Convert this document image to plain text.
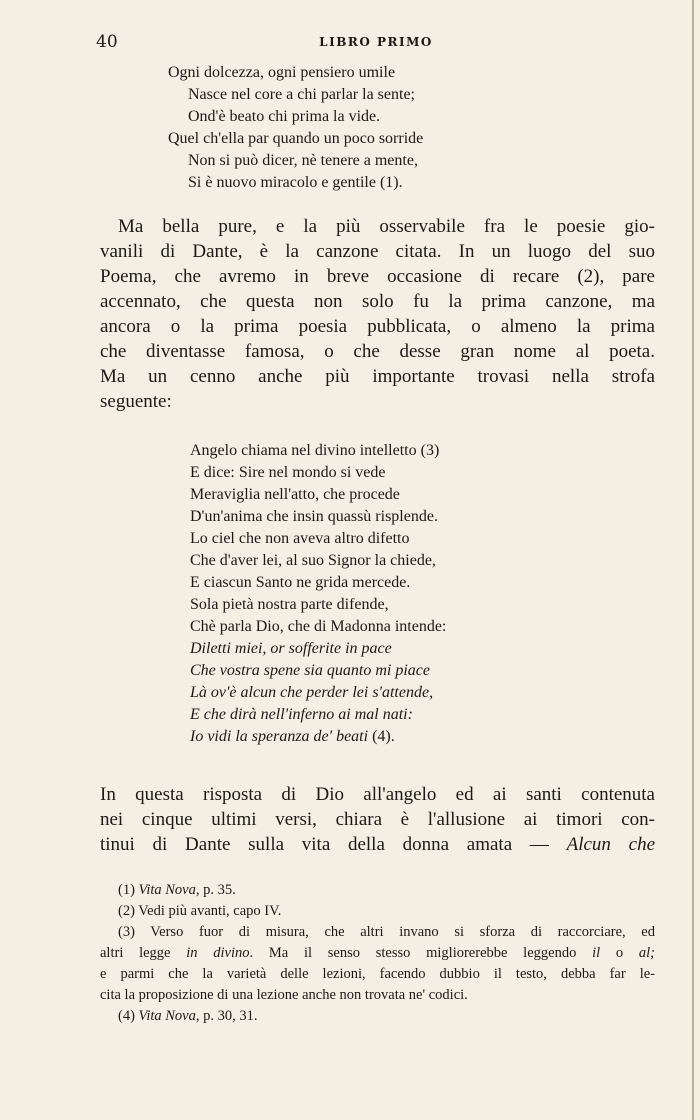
40	LIBRO PRIMO
Ogni dolcezza, ogni pensiero umile
Nasce nel core a chi parlar la sente;
Ond'è beato chi prima la vide.
Quel ch'ella par quando un poco sorride
Non si può dicer, nè tenere a mente,
Si è nuovo miracolo e gentile (1).
Ma bella pure, e la più osservabile fra le poesie gio-
vanili di Dante, è la canzone citata. In un luogo del suo
Poema, che avremo in breve occasione di recare (2), pare
accennato, che questa non solo fu la prima canzone, ma
ancora o la prima poesia pubblicata, o almeno la prima
che diventasse famosa, o che desse gran nome al poeta.
Ma un cenno anche più importante trovasi nella strofa
seguente:
Angelo chiama nel divino intelletto (3)
E dice: Sire nel mondo si vede
Meraviglia nell'atto, che procede
D'un'anima che insin quassù risplende.
Lo ciel che non aveva altro difetto
Che d'aver lei, al suo Signor la chiede,
E ciascun Santo ne grida mercede.
Sola pietà nostra parte difende,
Chè parla Dio, che di Madonna intende:
Diletti miei, or sofferite in pace
Che vostra spene sia quanto mi piace
Là ov'è alcun che perder lei s'attende,
E che dirà nell'inferno ai mal nati:
Io vidi la speranza de' beati (4).
In questa risposta di Dio all'angelo ed ai santi contenuta
nei cinque ultimi versi, chiara è l'allusione ai timori con-
tinui di Dante sulla vita della donna amata — Alcun che
(1) Vita Nova, p. 35.
(2) Vedi più avanti, capo IV.
(3) Verso fuor di misura, che altri invano si sforza di raccorciare, ed
altri legge in divino. Ma il senso stesso migliorerebbe leggendo il o al;
e parmi che la varietà delle lezioni, facendo dubbio il testo, debba far le-
cita la proposizione di una lezione anche non trovata ne' codici.
(4) Vita Nova, p. 30, 31.
